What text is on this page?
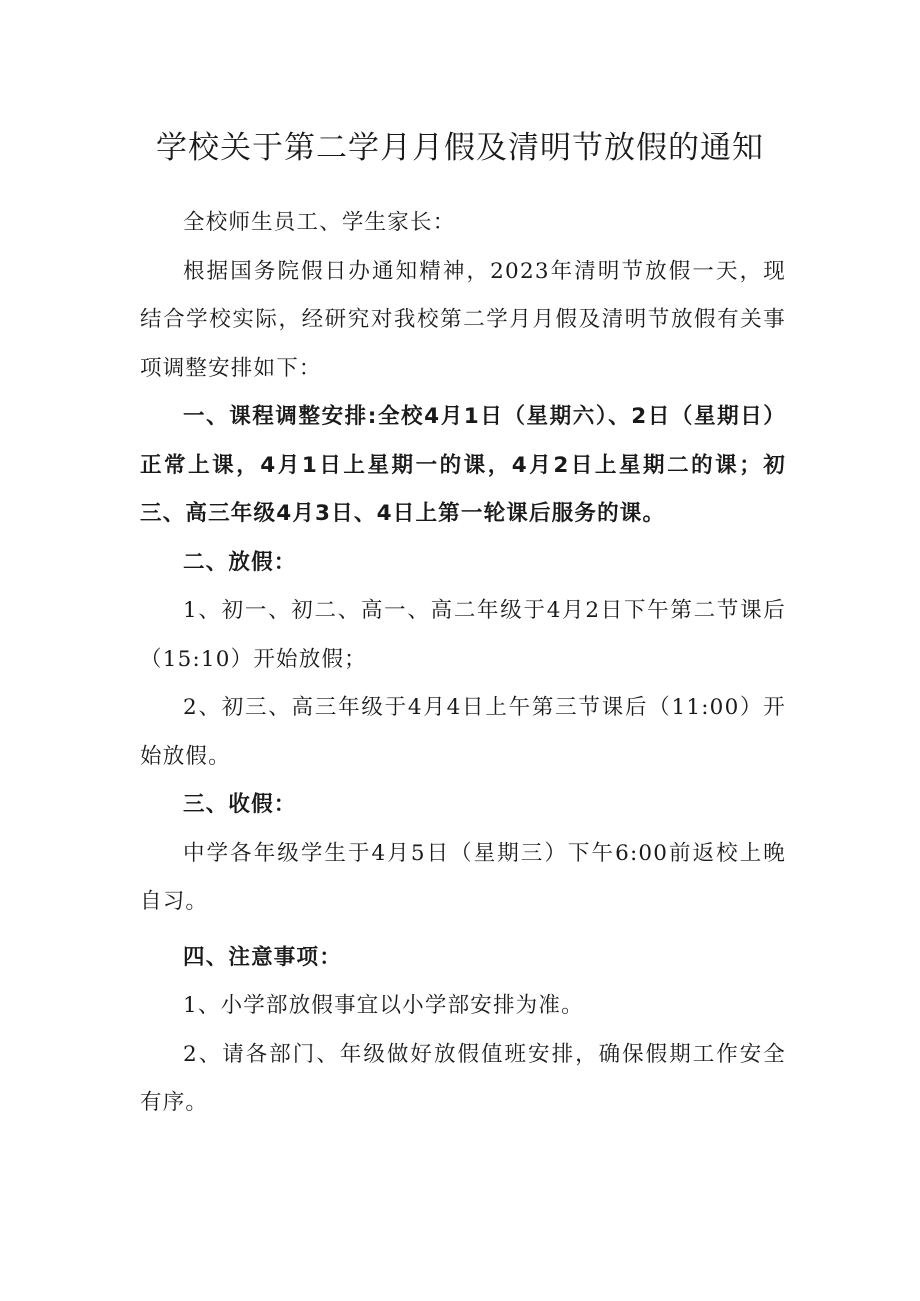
学校关于第二学月月假及清明节放假的通知

全校师生员工、学生家长：

根据国务院假日办通知精神，2023年清明节放假一天，现结合学校实际，经研究对我校第二学月月假及清明节放假有关事项调整安排如下：

一、课程调整安排:全校4月1日（星期六）、2日（星期日）正常上课，4月1日上星期一的课，4月2日上星期二的课；初三、高三年级4月3日、4日上第一轮课后服务的课。

二、放假：

1、初一、初二、高一、高二年级于4月2日下午第二节课后（15:10）开始放假；

2、初三、高三年级于4月4日上午第三节课后（11:00）开始放假。

三、收假：

中学各年级学生于4月5日（星期三）下午6:00前返校上晚自习。

四、注意事项：

1、小学部放假事宜以小学部安排为准。

2、请各部门、年级做好放假值班安排，确保假期工作安全有序。
